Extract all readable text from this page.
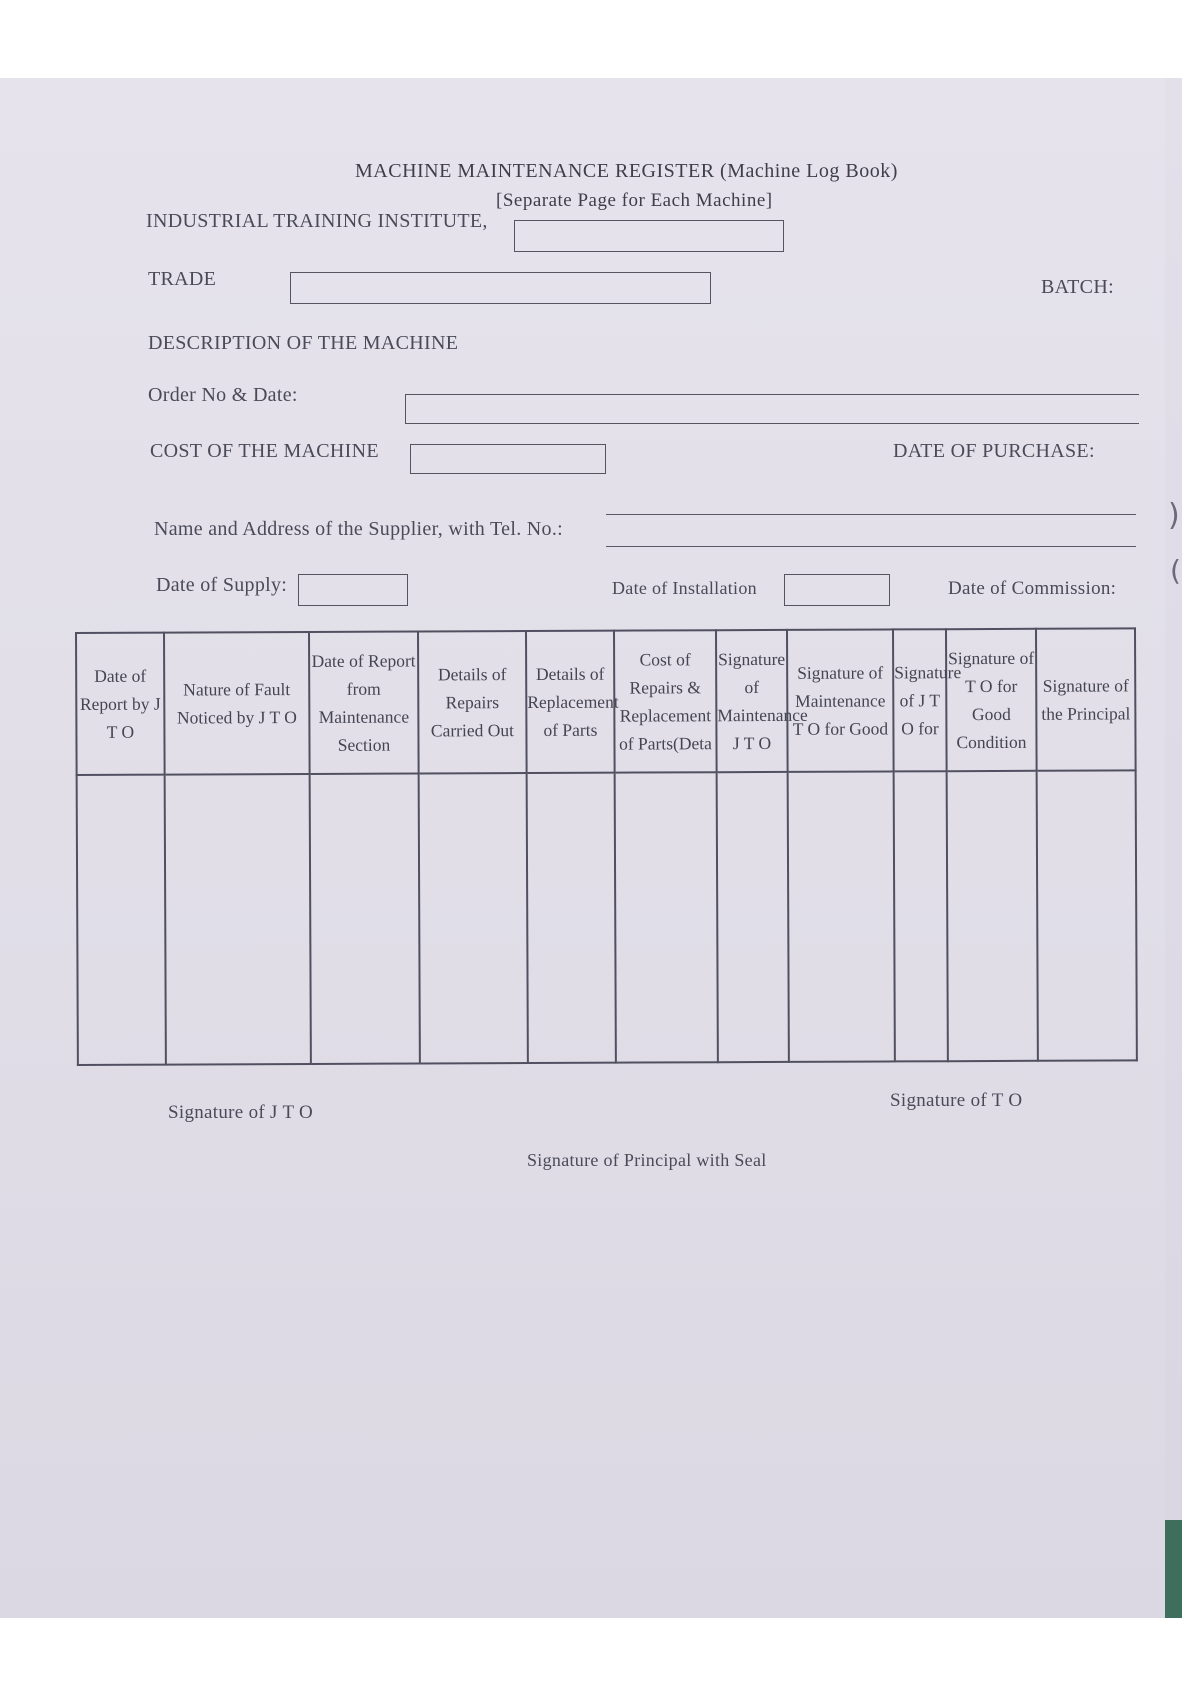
MACHINE MAINTENANCE REGISTER (Machine Log Book)
[Separate Page for Each Machine]
INDUSTRIAL TRAINING INSTITUTE,
TRADE	BATCH:
DESCRIPTION OF THE MACHINE
Order No & Date:
COST OF THE MACHINE	DATE OF PURCHASE:
Name and Address of the Supplier, with Tel. No.:
Date of Supply:	Date of Installation	Date of Commission:
Date of Report by J T O	Nature of Fault Noticed by J T O	Date of Report from Maintenance Section	Details of Repairs Carried Out	Details of Replacement of Parts	Cost of Repairs & Replacement of Parts(Deta	Signature of Maintenance J T O	Signature of Maintenance T O for Good	Signature of J T O for	Signature of T O for Good Condition	Signature of the Principal

Signature of J T O
Signature of T O
Signature of Principal with Seal
)
(
